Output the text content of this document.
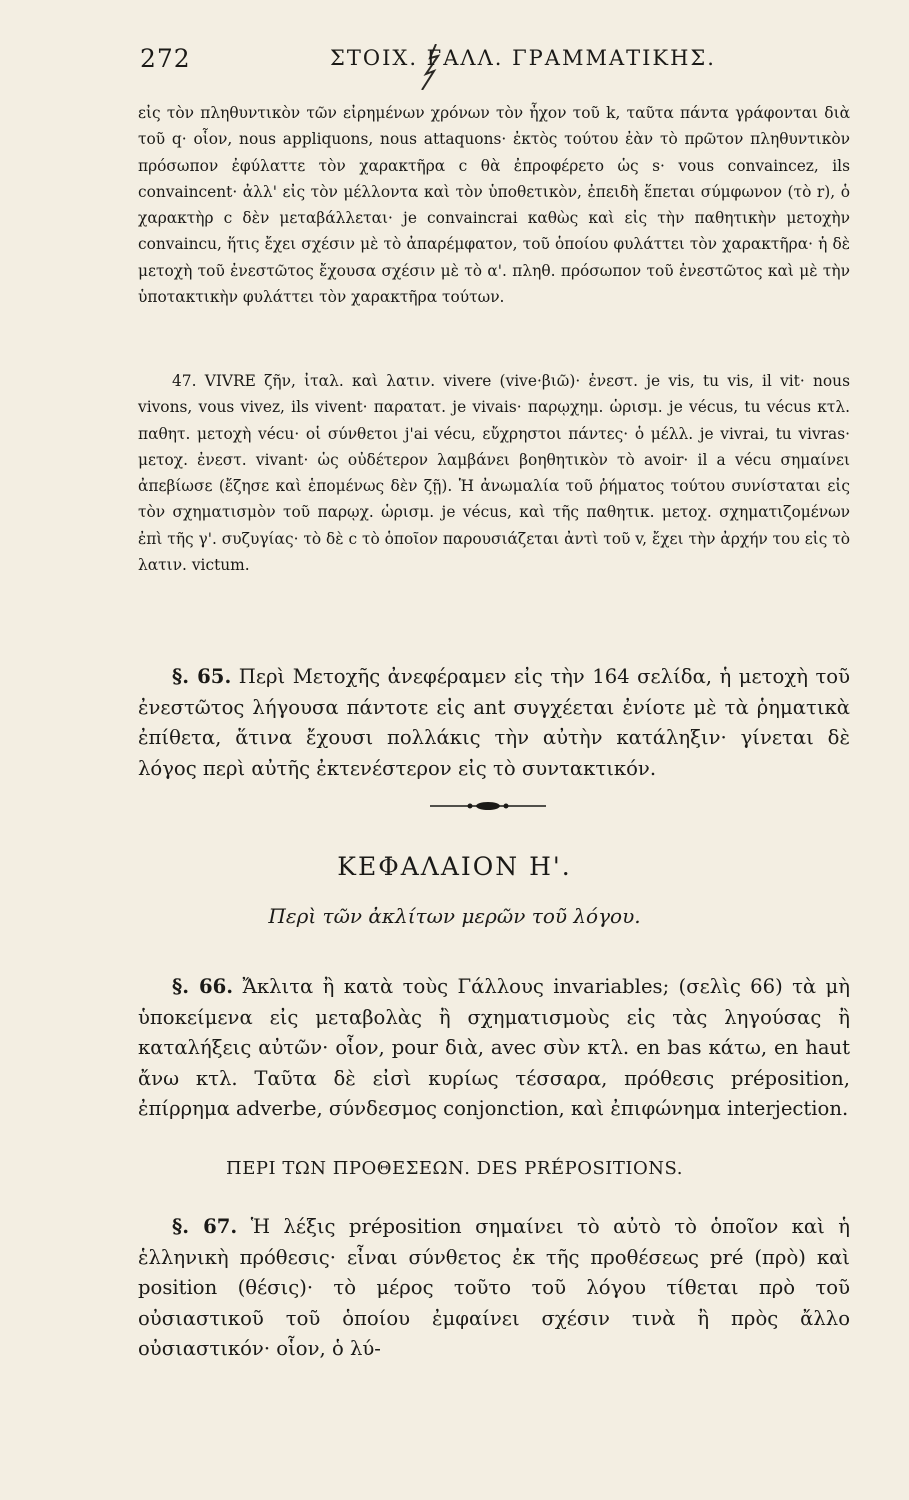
272	ΣΤΟΙΧ. ΓΑΛΛ. ΓΡΑΜΜΑΤΙΚΗΣ.

εἰς τὸν πληθυντικὸν τῶν εἰρημένων χρόνων τὸν ἦχον τοῦ k, ταῦτα πάντα γράφονται διὰ τοῦ q· οἷον, nous appliquons, nous attaquons· ἐκτὸς τούτου ἐὰν τὸ πρῶτον πληθυντικὸν πρόσωπον ἐφύλαττε τὸν χαρακτῆρα c θὰ ἐπροφέρετο ὡς s· vous convaincez, ils convaincent· ἀλλ' εἰς τὸν μέλλοντα καὶ τὸν ὑποθετικὸν, ἐπειδὴ ἕπεται σύμφωνον (τὸ r), ὁ χαρακτὴρ c δὲν μεταβάλλεται· je convaincrai καθὼς καὶ εἰς τὴν παθητικὴν μετοχὴν convaincu, ἥτις ἔχει σχέσιν μὲ τὸ ἀπαρέμφατον, τοῦ ὁποίου φυλάττει τὸν χαρακτῆρα· ἡ δὲ μετοχὴ τοῦ ἐνεστῶτος ἔχουσα σχέσιν μὲ τὸ α'. πληθ. πρόσωπον τοῦ ἐνεστῶτος καὶ μὲ τὴν ὑποτακτικὴν φυλάττει τὸν χαρακτῆρα τούτων.

47. VIVRE ζῆν, ἰταλ. καὶ λατιν. vivere (vive·βιῶ)· ἐνεστ. je vis, tu vis, il vit· nous vivons, vous vivez, ils vivent· παρατατ. je vivais· παρῳχημ. ὡρισμ. je vécus, tu vécus κτλ. παθητ. μετοχὴ vécu· οἱ σύνθετοι j'ai vécu, εὔχρηστοι πάντες· ὁ μέλλ. je vivrai, tu vivras· μετοχ. ἐνεστ. vivant· ὡς οὐδέτερον λαμβάνει βοηθητικὸν τὸ avoir· il a vécu σημαίνει ἀπεβίωσε (ἔζησε καὶ ἑπομένως δὲν ζῇ). Ἡ ἀνωμαλία τοῦ ῥήματος τούτου συνίσταται εἰς τὸν σχηματισμὸν τοῦ παρῳχ. ὡρισμ. je vécus, καὶ τῆς παθητικ. μετοχ. σχηματιζομένων ἐπὶ τῆς γ'. συζυγίας· τὸ δὲ c τὸ ὁποῖον παρουσιάζεται ἀντὶ τοῦ v, ἔχει τὴν ἀρχήν του εἰς τὸ λατιν. victum.

§. 65. Περὶ Μετοχῆς ἀνεφέραμεν εἰς τὴν 164 σελίδα, ἡ μετοχὴ τοῦ ἐνεστῶτος λήγουσα πάντοτε εἰς ant συγχέεται ἐνίοτε μὲ τὰ ῥηματικὰ ἐπίθετα, ἅτινα ἔχουσι πολλάκις τὴν αὐτὴν κατάληξιν· γίνεται δὲ λόγος περὶ αὐτῆς ἐκτενέστερον εἰς τὸ συντακτικόν.

ΚΕΦΑΛΑΙΟΝ Η'.
Περὶ τῶν ἀκλίτων μερῶν τοῦ λόγου.

§. 66. Ἄκλιτα ἢ κατὰ τοὺς Γάλλους invariables; (σελὶς 66) τὰ μὴ ὑποκείμενα εἰς μεταβολὰς ἢ σχηματισμοὺς εἰς τὰς ληγούσας ἢ καταλήξεις αὐτῶν· οἷον, pour διὰ, avec σὺν κτλ. en bas κάτω, en haut ἄνω κτλ. Ταῦτα δὲ εἰσὶ κυρίως τέσσαρα, πρόθεσις préposition, ἐπίρρημα adverbe, σύνδεσμος conjonction, καὶ ἐπιφώνημα interjection.

ΠΕΡΙ ΤΩΝ ΠΡΟΘΕΣΕΩΝ. DES PRÉPOSITIONS.

§. 67. Ἡ λέξις préposition σημαίνει τὸ αὐτὸ τὸ ὁποῖον καὶ ἡ ἑλληνικὴ πρόθεσις· εἶναι σύνθετος ἐκ τῆς προθέσεως pré (πρὸ) καὶ position (θέσις)· τὸ μέρος τοῦτο τοῦ λόγου τίθεται πρὸ τοῦ οὐσιαστικοῦ τοῦ ὁποίου ἐμφαίνει σχέσιν τινὰ ἢ πρὸς ἄλλο οὐσιαστικόν· οἷον, ὁ λύ-
